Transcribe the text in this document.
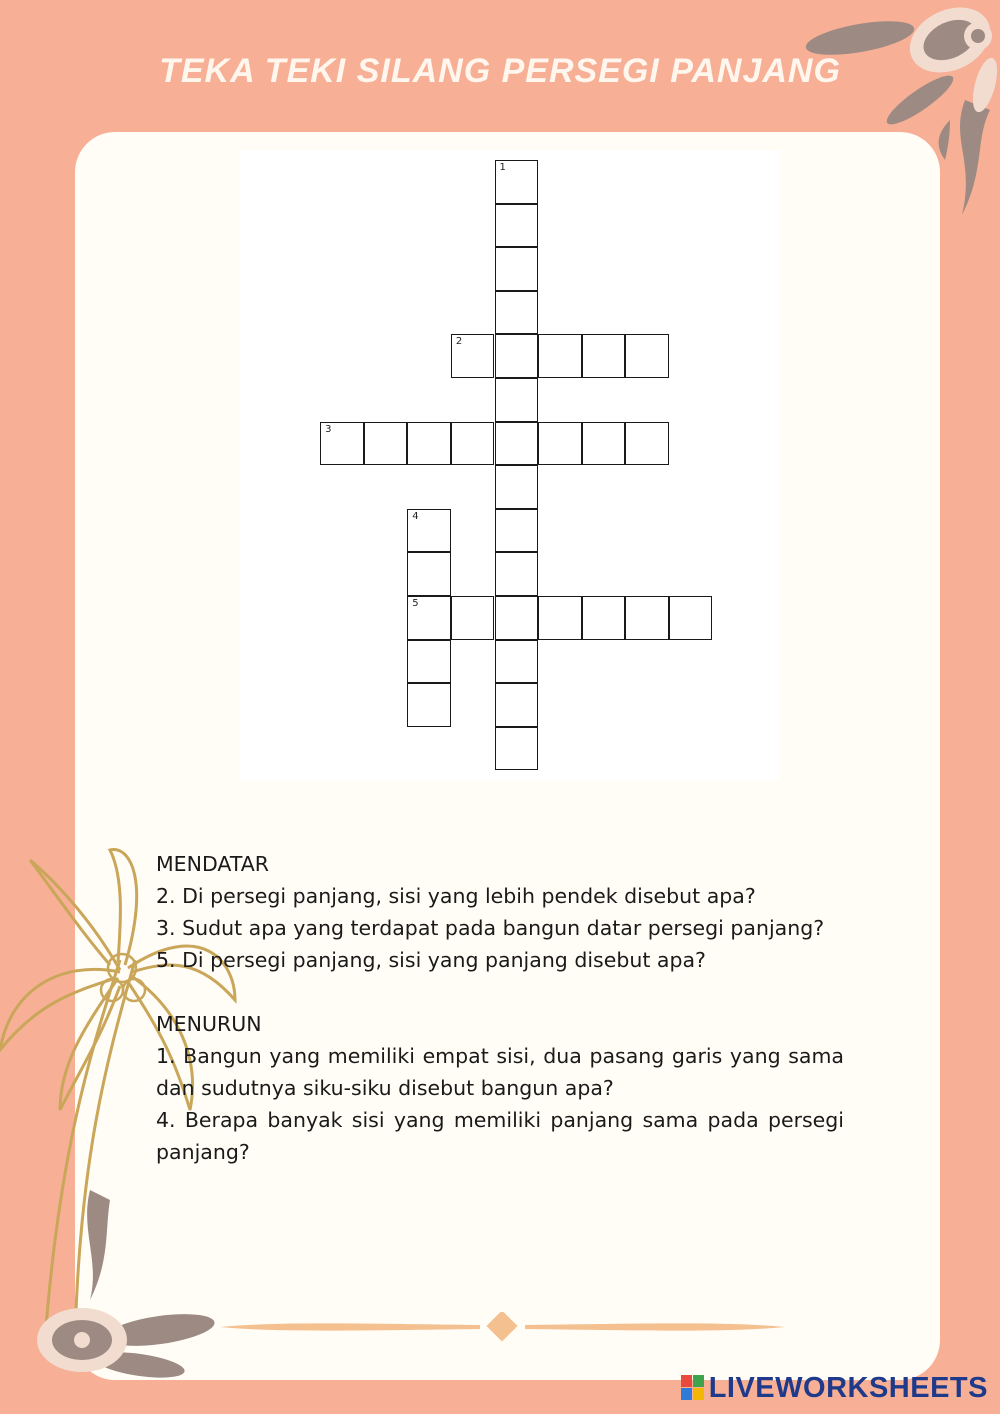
TEKA TEKI SILANG PERSEGI PANJANG
1
2
3
4
5

MENDATAR

2. Di persegi panjang, sisi yang lebih pendek disebut apa?

3. Sudut apa yang terdapat pada bangun datar persegi panjang?

5. Di persegi panjang, sisi yang panjang disebut apa?

MENURUN

1. Bangun yang memiliki empat sisi, dua pasang garis yang sama dan sudutnya siku-siku disebut bangun apa?

4. Berapa banyak sisi yang memiliki panjang sama pada persegi panjang?

LIVEWORKSHEETS
